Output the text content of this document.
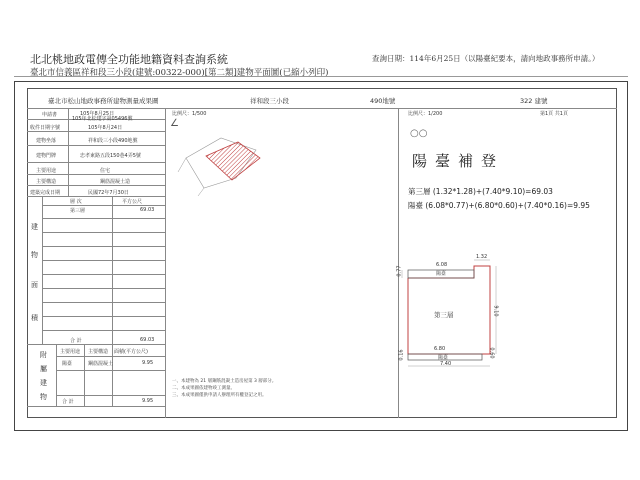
北北桃地政電傳全功能地籍資料查詢系統
臺北市信義區祥和段三小段(建號:00322-000)[第二類]建物平面圖(已縮小列印)
查詢日期：114年6月25日（以陽臺紀要本，請向地政事務所申請。）
臺北市松山地政事務所建物測量成果圖	祥和段三小段	490地號	322 建號
申請書	105年8月25日
105年北松建字第05496號
收件日期字號	105年8月24日
建物坐落	祥和段三小段490地號
建物門牌	忠孝東路五段150巷4弄5號
主要用途	住宅
主要構造	鋼筋混凝土造
建築完成日期	民國72年7月30日
層 次	平方公尺
第三層	69.03
建
物
面
積
合 計	69.03
主要用途 主要構造 面積(平方公尺)
陽臺	鋼筋混凝土	9.95
合 計	9.95
附
屬
建
物
比例尺：1/500
∠
一、本建物為 21 層鋼筋混凝土造房屋第 3 層部分。
二、本成果圖依建物竣工測量。
三、本成果圖僅供申請人辦理所有權登記之用。
比例尺：1/200	第1頁 共1頁
○○
陽臺補登
第三層 (1.32*1.28)+(7.40*9.10)=69.03
陽臺 (6.08*0.77)+(6.80*0.60)+(7.40*0.16)=9.95
6.08
陽臺
1.32
0.77
9.10
第三層
6.80
陽臺
7.40
0.16	0.60
